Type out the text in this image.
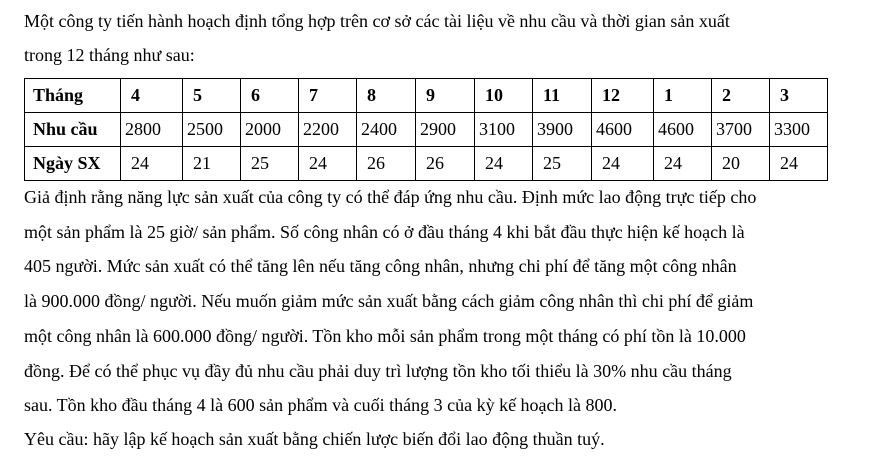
Một công ty tiến hành hoạch định tổng hợp trên cơ sở các tài liệu về nhu cầu và thời gian sản xuất
trong 12 tháng như sau:

Tháng	4	5	6	7	8	9	10	11	12	1	2	3
Nhu cầu	2800	2500	2000	2200	2400	2900	3100	3900	4600	4600	3700	3300
Ngày SX	24	21	25	24	26	26	24	25	24	24	20	24

Giả định rằng năng lực sản xuất của công ty có thể đáp ứng nhu cầu. Định mức lao động trực tiếp cho
một sản phẩm là 25 giờ/ sản phẩm. Số công nhân có ở đầu tháng 4 khi bắt đầu thực hiện kế hoạch là
405 người. Mức sản xuất có thể tăng lên nếu tăng công nhân, nhưng chi phí để tăng một công nhân
là 900.000 đồng/ người. Nếu muốn giảm mức sản xuất bằng cách giảm công nhân thì chi phí để giảm
một công nhân là 600.000 đồng/ người. Tồn kho mỗi sản phẩm trong một tháng có phí tồn là 10.000
đồng. Để có thể phục vụ đầy đủ nhu cầu phải duy trì lượng tồn kho tối thiểu là 30% nhu cầu tháng
sau. Tồn kho đầu tháng 4 là 600 sản phẩm và cuối tháng 3 của kỳ kế hoạch là 800.

Yêu cầu: hãy lập kế hoạch sản xuất bằng chiến lược biến đổi lao động thuần tuý.
